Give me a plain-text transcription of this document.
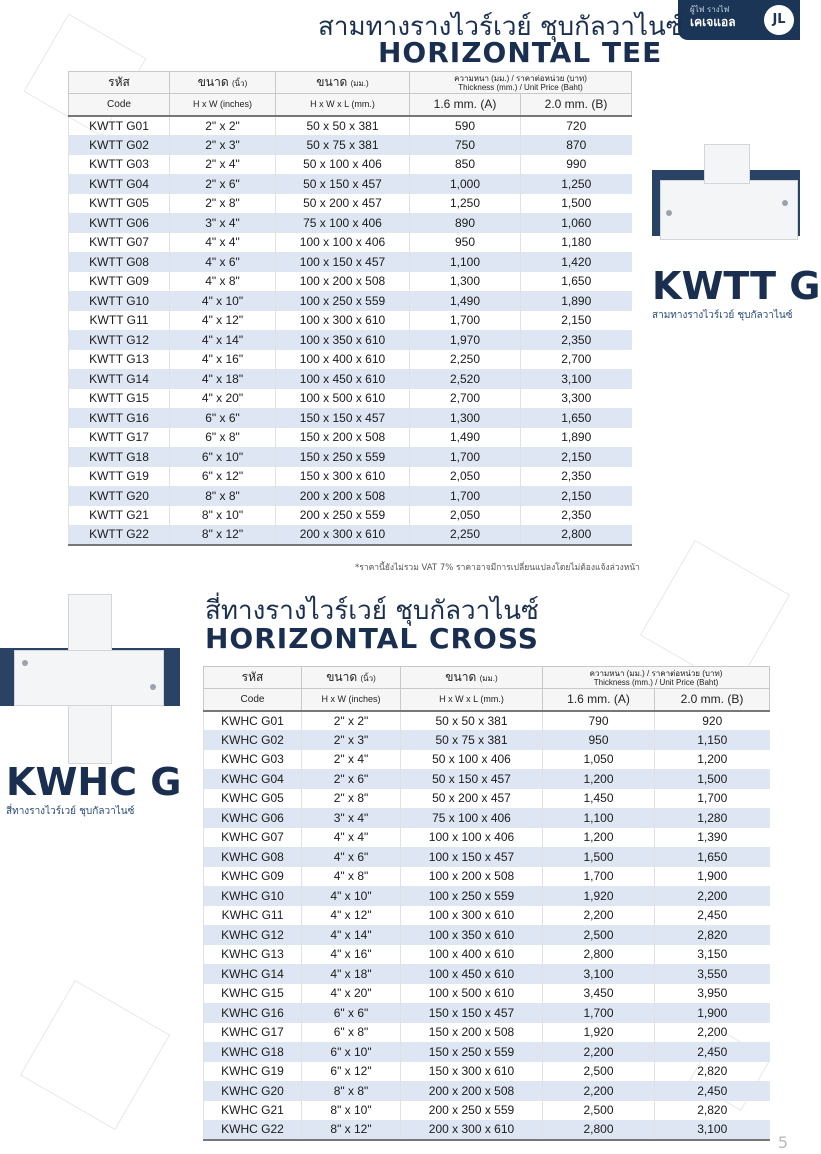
ผู้ไฟ รางไฟ
เคเจแอล	JL
สามทางรางไวร์เวย์ ชุบกัลวาไนซ์
HORIZONTAL TEE
รหัส	ขนาด (นิ้ว)	ขนาด (มม.)	ความหนา (มม.) / ราคาต่อหน่วย (บาท)
Thickness (mm.) / Unit Price (Baht)	

Code	H x W (inches)	H x W x L (mm.)	1.6 mm. (A)	2.0 mm. (B)
KWTT G01	2" x 2"	50 x 50 x 381	590	720
KWTT G02	2" x 3"	50 x 75 x 381	750	870
KWTT G03	2" x 4"	50 x 100 x 406	850	990
KWTT G04	2" x 6"	50 x 150 x 457	1,000	1,250
KWTT G05	2" x 8"	50 x 200 x 457	1,250	1,500
KWTT G06	3" x 4"	75 x 100 x 406	890	1,060
KWTT G07	4" x 4"	100 x 100 x 406	950	1,180
KWTT G08	4" x 6"	100 x 150 x 457	1,100	1,420
KWTT G09	4" x 8"	100 x 200 x 508	1,300	1,650
KWTT G10	4" x 10"	100 x 250 x 559	1,490	1,890
KWTT G11	4" x 12"	100 x 300 x 610	1,700	2,150
KWTT G12	4" x 14"	100 x 350 x 610	1,970	2,350
KWTT G13	4" x 16"	100 x 400 x 610	2,250	2,700
KWTT G14	4" x 18"	100 x 450 x 610	2,520	3,100
KWTT G15	4" x 20"	100 x 500 x 610	2,700	3,300
KWTT G16	6" x 6"	150 x 150 x 457	1,300	1,650
KWTT G17	6" x 8"	150 x 200 x 508	1,490	1,890
KWTT G18	6" x 10"	150 x 250 x 559	1,700	2,150
KWTT G19	6" x 12"	150 x 300 x 610	2,050	2,350
KWTT G20	8" x 8"	200 x 200 x 508	1,700	2,150
KWTT G21	8" x 10"	200 x 250 x 559	2,050	2,350
KWTT G22	8" x 12"	200 x 300 x 610	2,250	2,800
*ราคานี้ยังไม่รวม VAT 7% ราคาอาจมีการเปลี่ยนแปลงโดยไม่ต้องแจ้งล่วงหน้า
KWTT G
สามทางรางไวร์เวย์ ชุบกัลวาไนซ์
สี่ทางรางไวร์เวย์ ชุบกัลวาไนซ์
HORIZONTAL CROSS
KWHC G
สี่ทางรางไวร์เวย์ ชุบกัลวาไนซ์
รหัส	ขนาด (นิ้ว)	ขนาด (มม.)	ความหนา (มม.) / ราคาต่อหน่วย (บาท)
Thickness (mm.) / Unit Price (Baht)	

Code	H x W (inches)	H x W x L (mm.)	1.6 mm. (A)	2.0 mm. (B)
KWHC G01	2" x 2"	50 x 50 x 381	790	920
KWHC G02	2" x 3"	50 x 75 x 381	950	1,150
KWHC G03	2" x 4"	50 x 100 x 406	1,050	1,200
KWHC G04	2" x 6"	50 x 150 x 457	1,200	1,500
KWHC G05	2" x 8"	50 x 200 x 457	1,450	1,700
KWHC G06	3" x 4"	75 x 100 x 406	1,100	1,280
KWHC G07	4" x 4"	100 x 100 x 406	1,200	1,390
KWHC G08	4" x 6"	100 x 150 x 457	1,500	1,650
KWHC G09	4" x 8"	100 x 200 x 508	1,700	1,900
KWHC G10	4" x 10"	100 x 250 x 559	1,920	2,200
KWHC G11	4" x 12"	100 x 300 x 610	2,200	2,450
KWHC G12	4" x 14"	100 x 350 x 610	2,500	2,820
KWHC G13	4" x 16"	100 x 400 x 610	2,800	3,150
KWHC G14	4" x 18"	100 x 450 x 610	3,100	3,550
KWHC G15	4" x 20"	100 x 500 x 610	3,450	3,950
KWHC G16	6" x 6"	150 x 150 x 457	1,700	1,900
KWHC G17	6" x 8"	150 x 200 x 508	1,920	2,200
KWHC G18	6" x 10"	150 x 250 x 559	2,200	2,450
KWHC G19	6" x 12"	150 x 300 x 610	2,500	2,820
KWHC G20	8" x 8"	200 x 200 x 508	2,200	2,450
KWHC G21	8" x 10"	200 x 250 x 559	2,500	2,820
KWHC G22	8" x 12"	200 x 300 x 610	2,800	3,100
5
